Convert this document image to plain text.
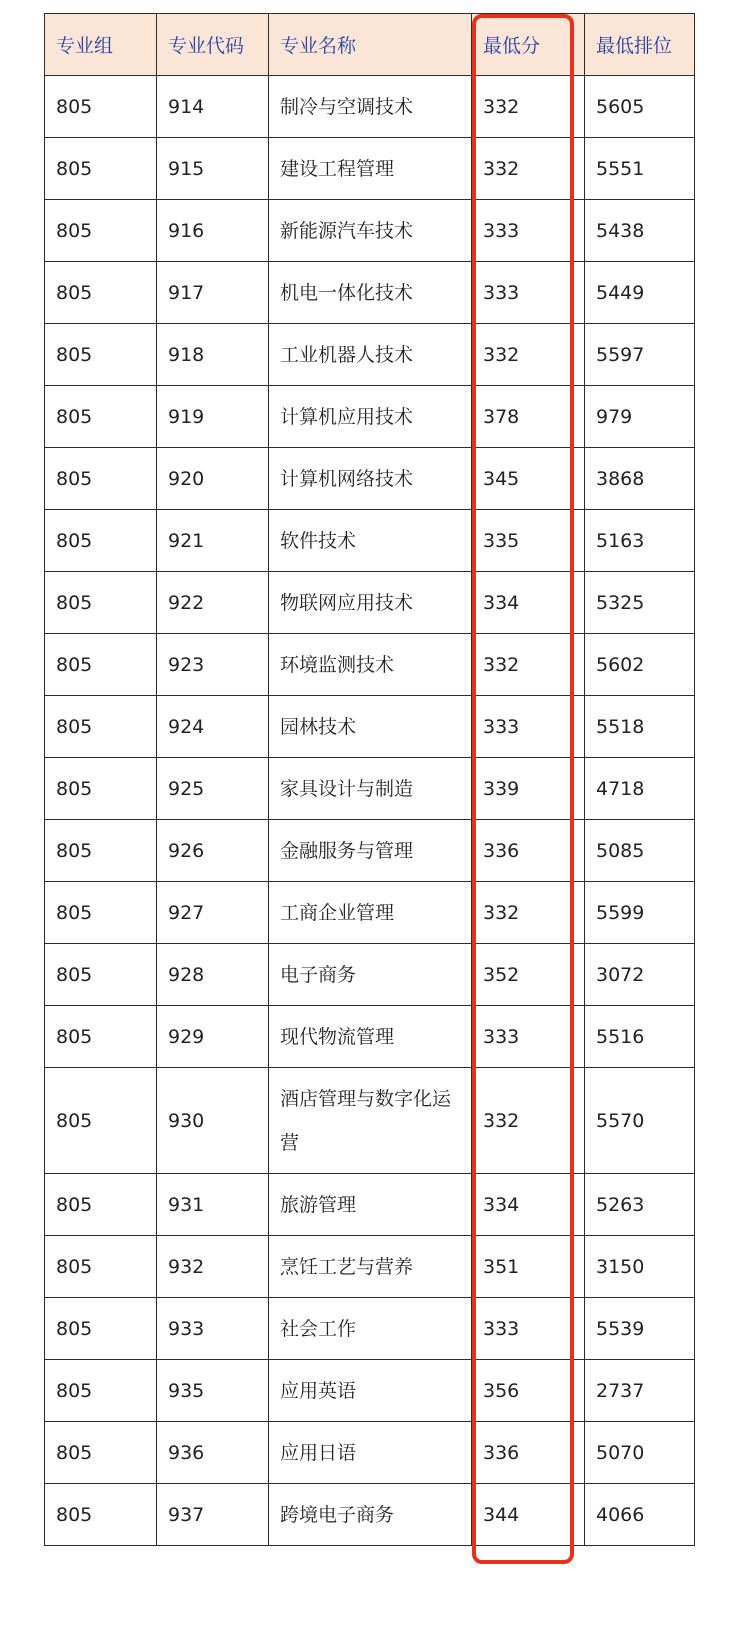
专业组	专业代码	专业名称	最低分	最低排位
805	914	制冷与空调技术	332	5605
805	915	建设工程管理	332	5551
805	916	新能源汽车技术	333	5438
805	917	机电一体化技术	333	5449
805	918	工业机器人技术	332	5597
805	919	计算机应用技术	378	979
805	920	计算机网络技术	345	3868
805	921	软件技术	335	5163
805	922	物联网应用技术	334	5325
805	923	环境监测技术	332	5602
805	924	园林技术	333	5518
805	925	家具设计与制造	339	4718
805	926	金融服务与管理	336	5085
805	927	工商企业管理	332	5599
805	928	电子商务	352	3072
805	929	现代物流管理	333	5516
805	930	酒店管理与数字化运营	332	5570
805	931	旅游管理	334	5263
805	932	烹饪工艺与营养	351	3150
805	933	社会工作	333	5539
805	935	应用英语	356	2737
805	936	应用日语	336	5070
805	937	跨境电子商务	344	4066
